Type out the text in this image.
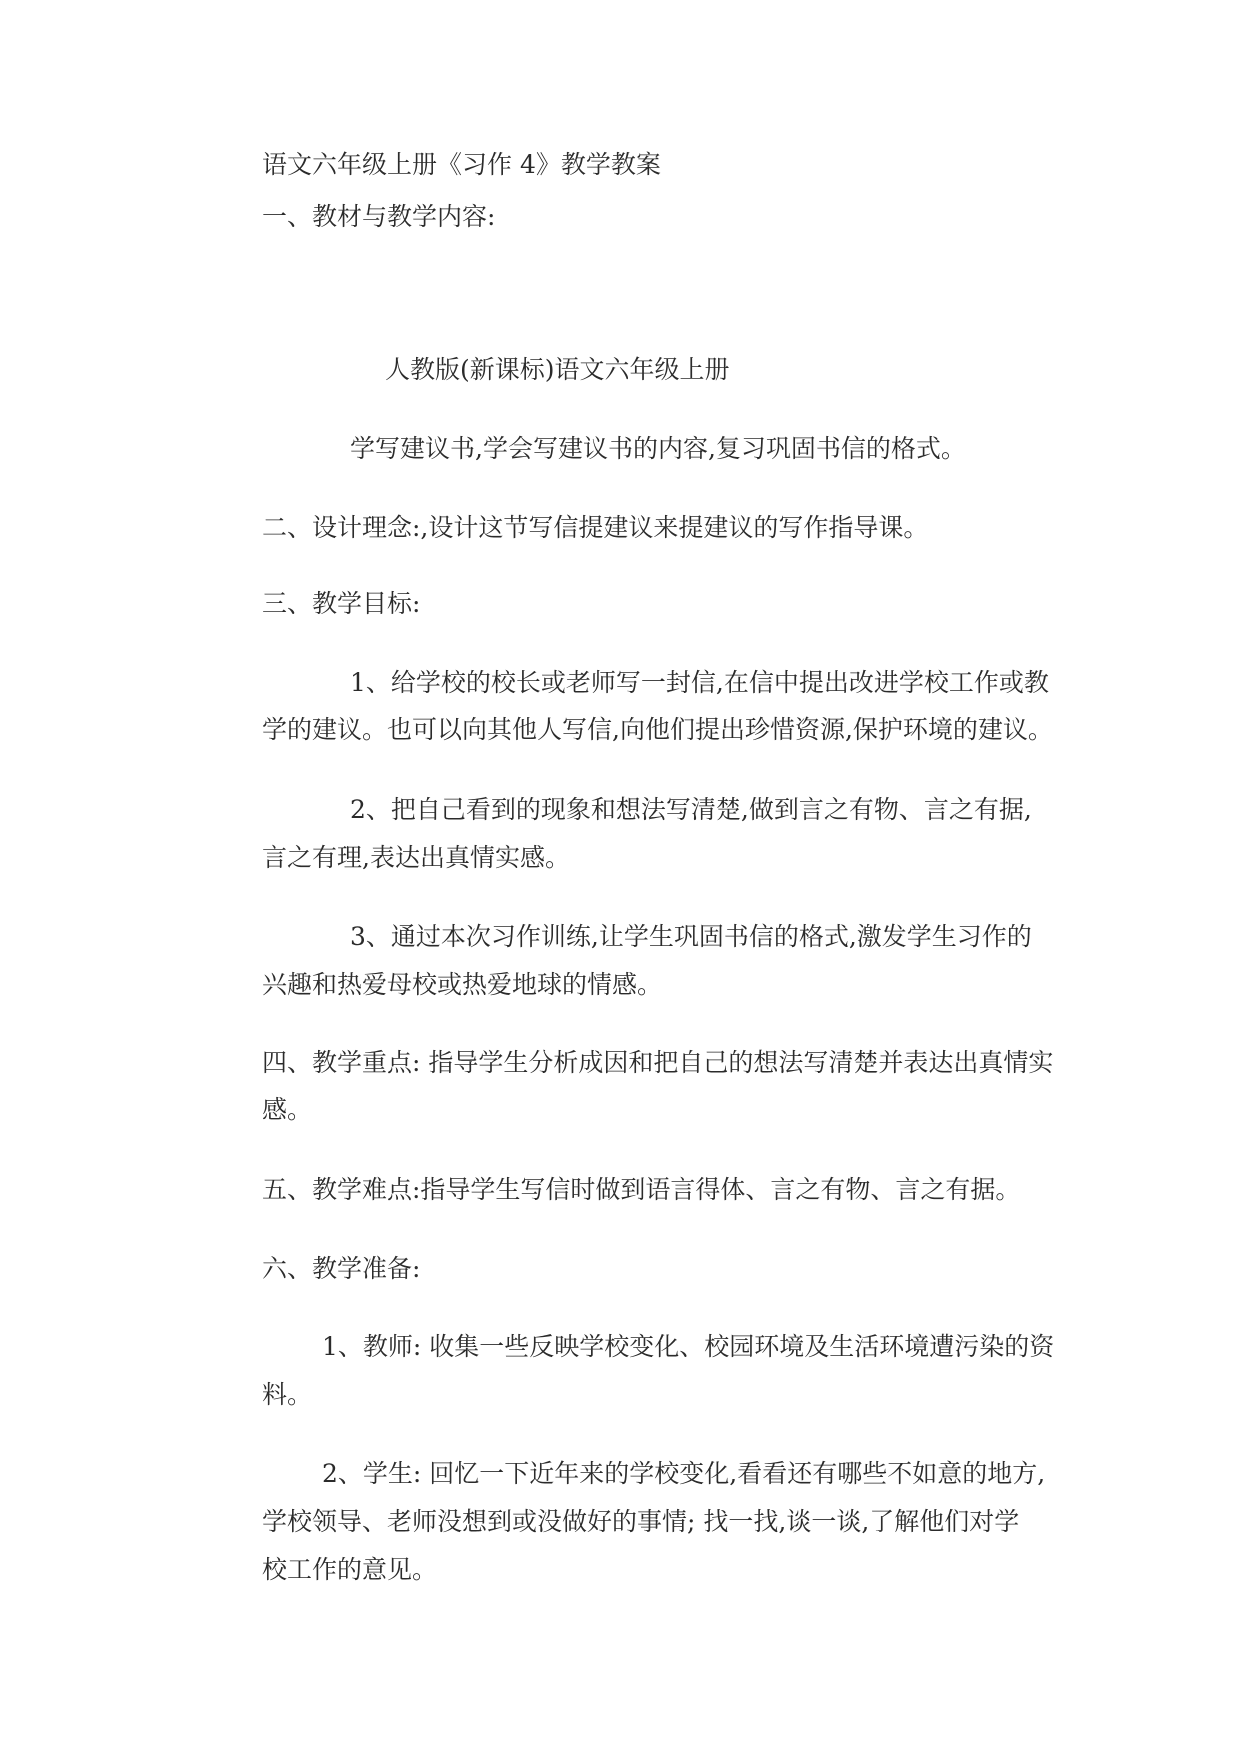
语文六年级上册《习作 4》教学教案
一、教材与教学内容:
人教版(新课标)语文六年级上册
学写建议书,学会写建议书的内容,复习巩固书信的格式。
二、设计理念:,设计这节写信提建议来提建议的写作指导课。
三、教学目标:
1、给学校的校长或老师写一封信,在信中提出改进学校工作或教
学的建议。也可以向其他人写信,向他们提出珍惜资源,保护环境的建议。
2、把自己看到的现象和想法写清楚,做到言之有物、言之有据,
言之有理,表达出真情实感。
3、通过本次习作训练,让学生巩固书信的格式,激发学生习作的
兴趣和热爱母校或热爱地球的情感。
四、教学重点: 指导学生分析成因和把自己的想法写清楚并表达出真情实
感。
五、教学难点:指导学生写信时做到语言得体、言之有物、言之有据。
六、教学准备:
1、教师: 收集一些反映学校变化、校园环境及生活环境遭污染的资
料。
2、学生: 回忆一下近年来的学校变化,看看还有哪些不如意的地方,
学校领导、老师没想到或没做好的事情; 找一找,谈一谈,了解他们对学
校工作的意见。
